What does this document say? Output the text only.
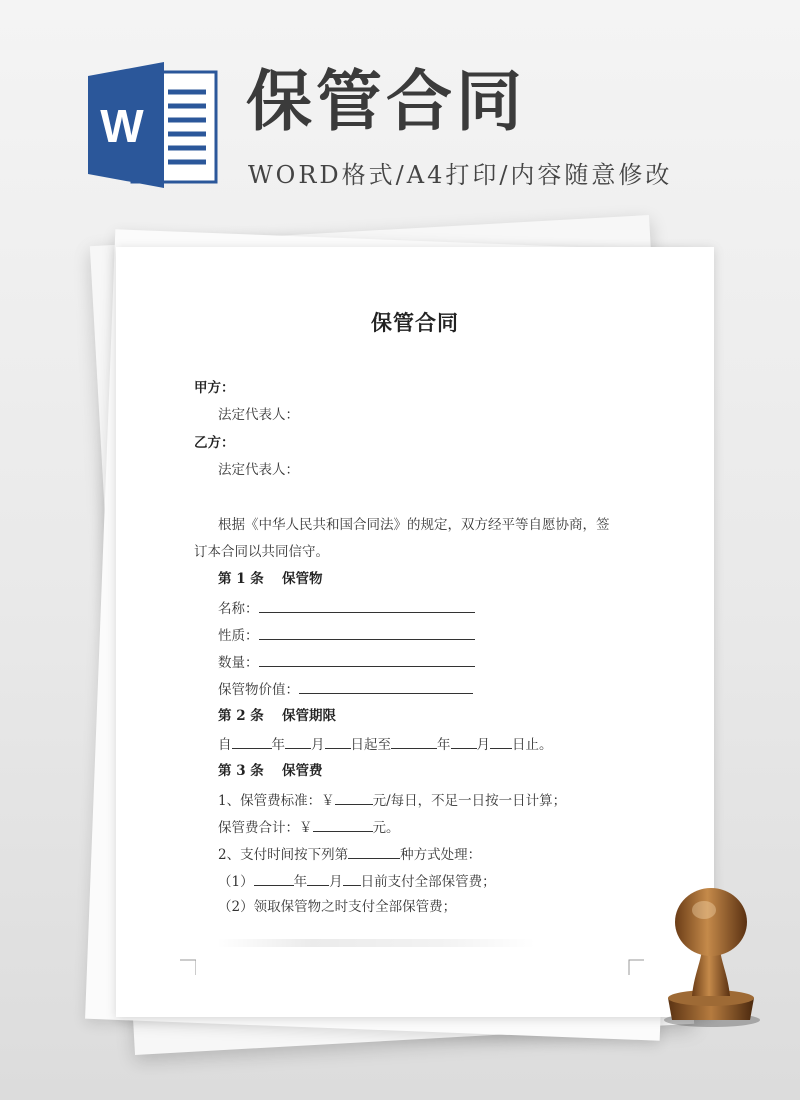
W 保管合同
WORD格式/A4打印/内容随意修改
保管合同
甲方：
法定代表人：
乙方：
法定代表人：
根据《中华人民共和国合同法》的规定，双方经平等自愿协商，签
订本合同以共同信守。
第 1 条　 保管物
名称：
性质：
数量：
保管物价值：
第 2 条　 保管期限
自	年 月 日起至	年 月 日止。
第 3 条　 保管费
1、保管费标准：￥	元/每日，不足一日按一日计算；
保管费合计：￥	元。
2、支付时间按下列第	种方式处理：
（1）	年 月 日前支付全部保管费；
（2）领取保管物之时支付全部保管费；
